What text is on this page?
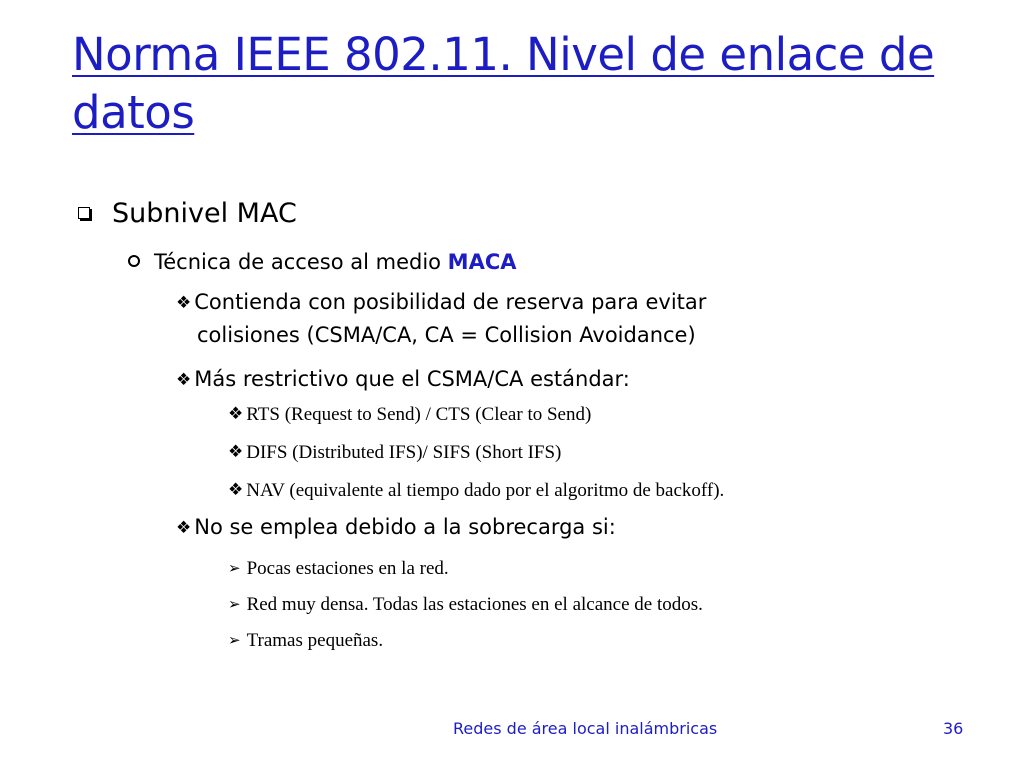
Norma IEEE 802.11. Nivel de enlace de datos
Subnivel MAC
Técnica de acceso al medio MACA
❖ Contienda con posibilidad de reserva para evitar
colisiones (CSMA/CA, CA = Collision Avoidance)
❖ Más restrictivo que el CSMA/CA estándar:
❖ RTS (Request to Send) / CTS (Clear to Send)
❖ DIFS (Distributed IFS)/ SIFS (Short IFS)
❖ NAV (equivalente al tiempo dado por el algoritmo de backoff).
❖ No se emplea debido a la sobrecarga si:
➢ Pocas estaciones en la red.
➢ Red muy densa. Todas las estaciones en el alcance de todos.
➢ Tramas pequeñas.
Redes de área local inalámbricas	36
